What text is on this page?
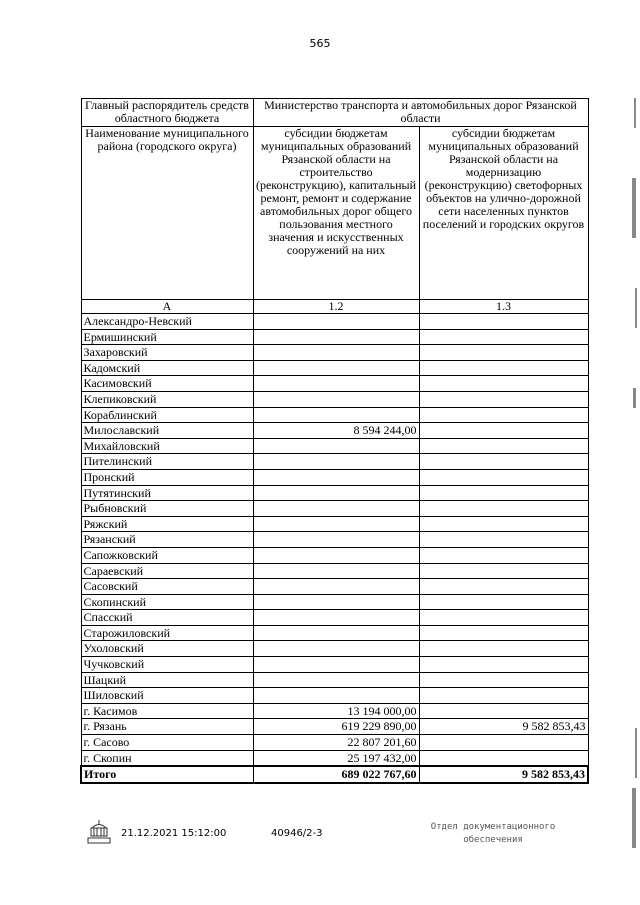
565
Главный распорядитель средств областного бюджета	Министерство транспорта и автомобильных дорог Рязанской области	
Наименование муниципального района (городского округа)	субсидии бюджетам муниципальных образований Рязанской области на строительство (реконструкцию), капитальный ремонт, ремонт и содержание автомобильных дорог общего пользования местного значения и искусственных сооружений на них	субсидии бюджетам муниципальных образований Рязанской области на модернизацию (реконструкцию) светофорных объектов на улично-дорожной сети населенных пунктов поселений и городских округов
А	1.2	1.3
Александро-Невский		
Ермишинский		
Захаровский		
Кадомский		
Касимовский		
Клепиковский		
Кораблинский		
Милославский	8 594 244,00	
Михайловский		
Пителинский		
Пронский		
Путятинский		
Рыбновский		
Ряжский		
Рязанский		
Сапожковский		
Сараевский		
Сасовский		
Скопинский		
Спасский		
Старожиловский		
Ухоловский		
Чучковский		
Шацкий		
Шиловский		
г. Касимов	13 194 000,00	
г. Рязань	619 229 890,00	9 582 853,43
г. Сасово	22 807 201,60	
г. Скопин	25 197 432,00	
Итого	689 022 767,60	9 582 853,43
21.12.2021 15:12:00	40946/2-3
Отдел документационного
обеспечения
